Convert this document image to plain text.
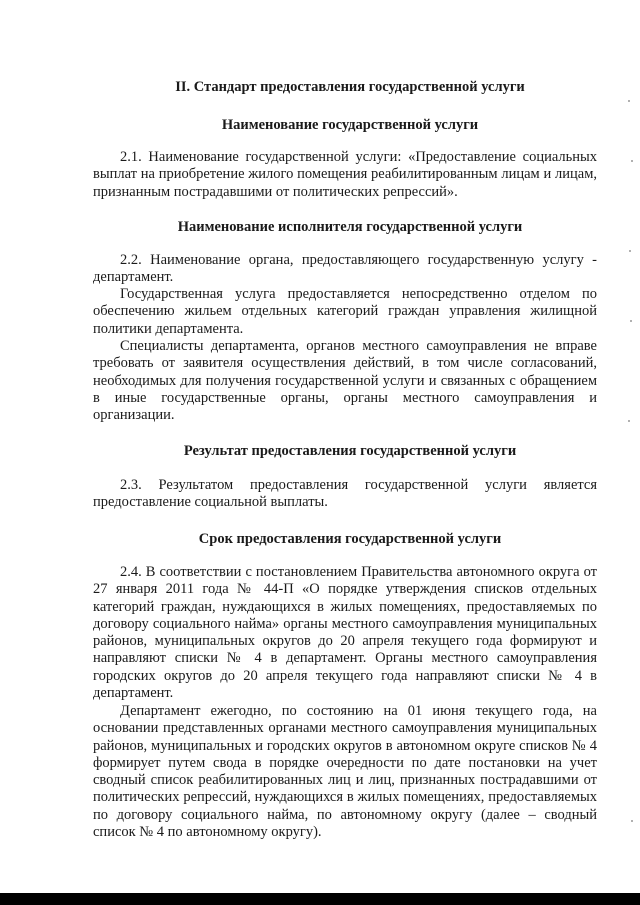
II. Стандарт предоставления государственной услуги
Наименование государственной услуги

2.1. Наименование государственной услуги: «Предоставление социальных выплат на приобретение жилого помещения реабилитированным лицам и лицам, признанным пострадавшими от политических репрессий».

Наименование исполнителя государственной услуги

2.2. Наименование органа, предоставляющего государственную услугу - департамент.

Государственная услуга предоставляется непосредственно отделом по обеспечению жильем отдельных категорий граждан управления жилищной политики департамента.

Специалисты департамента, органов местного самоуправления не вправе требовать от заявителя осуществления действий, в том числе согласований, необходимых для получения государственной услуги и связанных с обращением в иные государственные органы, органы местного самоуправления и организации.

Результат предоставления государственной услуги

2.3. Результатом предоставления государственной услуги является предоставление социальной выплаты.

Срок предоставления государственной услуги

2.4. В соответствии с постановлением Правительства автономного округа от 27 января 2011 года № 44-П «О порядке утверждения списков отдельных категорий граждан, нуждающихся в жилых помещениях, предоставляемых по договору социального найма» органы местного самоуправления муниципальных районов, муниципальных округов до 20 апреля текущего года формируют и направляют списки № 4 в департамент. Органы местного самоуправления городских округов до 20 апреля текущего года направляют списки № 4 в департамент.

Департамент ежегодно, по состоянию на 01 июня текущего года, на основании представленных органами местного самоуправления муниципальных районов, муниципальных и городских округов в автономном округе списков № 4 формирует путем свода в порядке очередности по дате постановки на учет сводный список реабилитированных лиц и лиц, признанных пострадавшими от политических репрессий, нуждающихся в жилых помещениях, предоставляемых по договору социального найма, по автономному округу (далее – сводный список № 4 по автономному округу).
